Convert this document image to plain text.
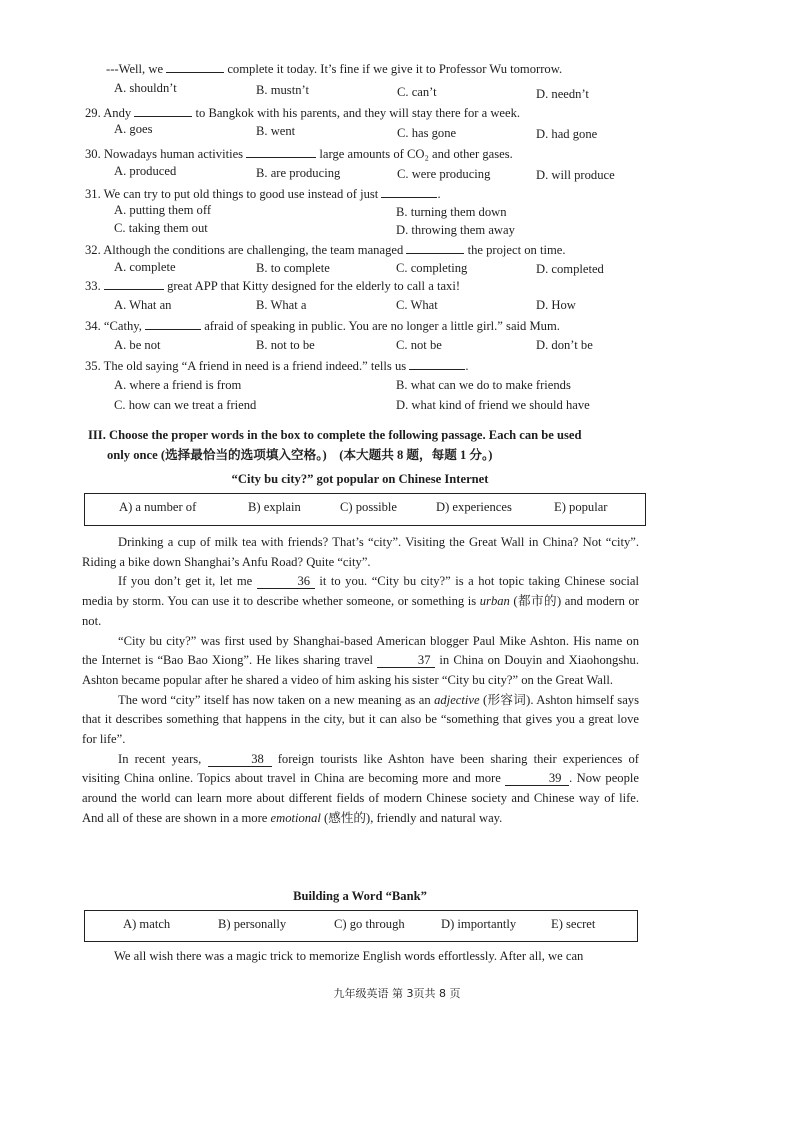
---Well, we	complete it today. It’s fine if we give it to Professor Wu tomorrow.
A. shouldn’t	B. mustn’t	C. can’t	D. needn’t
29. Andy	to Bangkok with his parents, and they will stay there for a week.
A. goes	B. went	C. has gone	D. had gone
30. Nowadays human activities	large amounts of CO₂ and other gases.
A. produced	B. are producing	C. were producing	D. will produce
31. We can try to put old things to good use instead of just	.
A. putting them off	B. turning them down
C. taking them out	D. throwing them away
32. Although the conditions are challenging, the team managed	the project on time.
A. complete	B. to complete	C. completing	D. completed
33.	great APP that Kitty designed for the elderly to call a taxi!
A. What an	B. What a	C. What	D. How
34. “Cathy,	afraid of speaking in public. You are no longer a little girl.” said Mum.
A. be not	B. not to be	C. not be	D. don’t be
35. The old saying “A friend in need is a friend indeed.” tells us	.
A. where a friend is from	B. what can we do to make friends
C. how can we treat a friend	D. what kind of friend we should have
III. Choose the proper words in the box to complete the following passage. Each can be used
only once (选择最恰当的选项填入空格。)　(本大题共 8 题，每题 1 分。)
“City bu city?” got popular on Chinese Internet
A) a number of	B) explain	C) possible	D) experiences	E) popular

Drinking a cup of milk tea with friends? That’s “city”. Visiting the Great Wall in China? Not “city”. Riding a bike down Shanghai’s Anfu Road? Quite “city”.

If you don’t get it, let me	36 it to you. “City bu city?” is a hot topic taking Chinese social media by storm. You can use it to describe whether someone, or something is urban (都市的) and modern or not.

“City bu city?” was first used by Shanghai-based American blogger Paul Mike Ashton. His name on the Internet is “Bao Bao Xiong”. He likes sharing travel	37 in China on Douyin and Xiaohongshu. Ashton became popular after he shared a video of him asking his sister “City bu city?” on the Great Wall.

The word “city” itself has now taken on a new meaning as an adjective (形容词). Ashton himself says that it describes something that happens in the city, but it can also be “something that gives you a great love for life”.

In recent years,	38 foreign tourists like Ashton have been sharing their experiences of visiting China online. Topics about travel in China are becoming more and more	39 . Now people around the world can learn more about different fields of modern Chinese society and Chinese way of life. And all of these are shown in a more emotional (感性的), friendly and natural way.

Building a Word “Bank”
A) match	B) personally	C) go through	D) importantly	E) secret

We all wish there was a magic trick to memorize English words effortlessly. After all, we can

九年级英语 第 3页共 8 页
